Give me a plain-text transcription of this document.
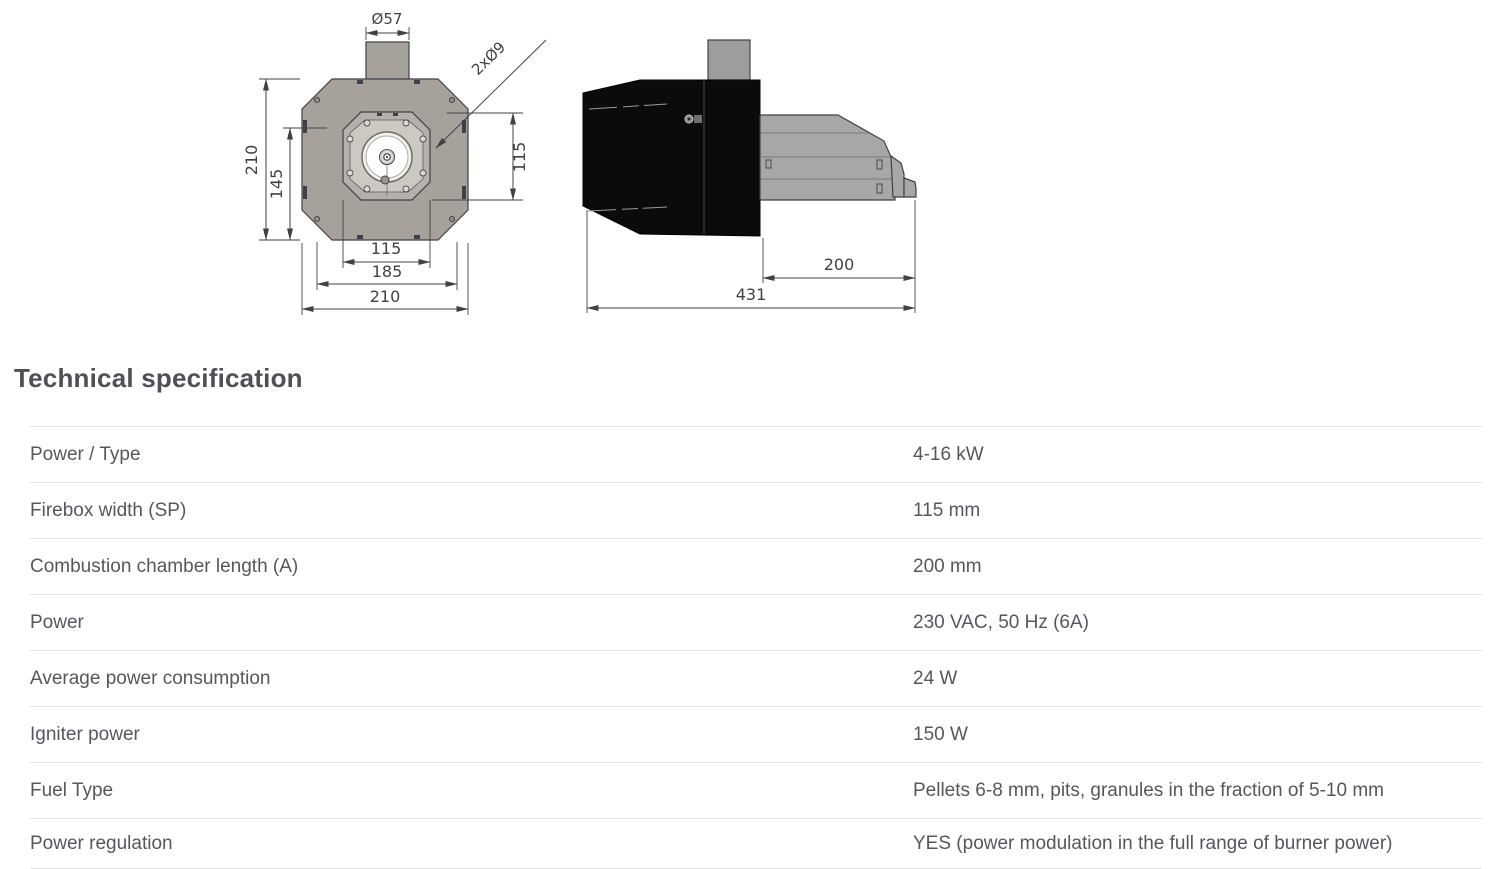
Ø57
2xØ9
210
145
115
115
185
210
200
431
Technical specification
Power / Type	4-16 kW
Firebox width (SP)	115 mm
Combustion chamber length (A)	200 mm
Power	230 VAC, 50 Hz (6A)
Average power consumption	24 W
Igniter power	150 W
Fuel Type	Pellets 6-8 mm, pits, granules in the fraction of 5-10 mm
Power regulation	YES (power modulation in the full range of burner power)
